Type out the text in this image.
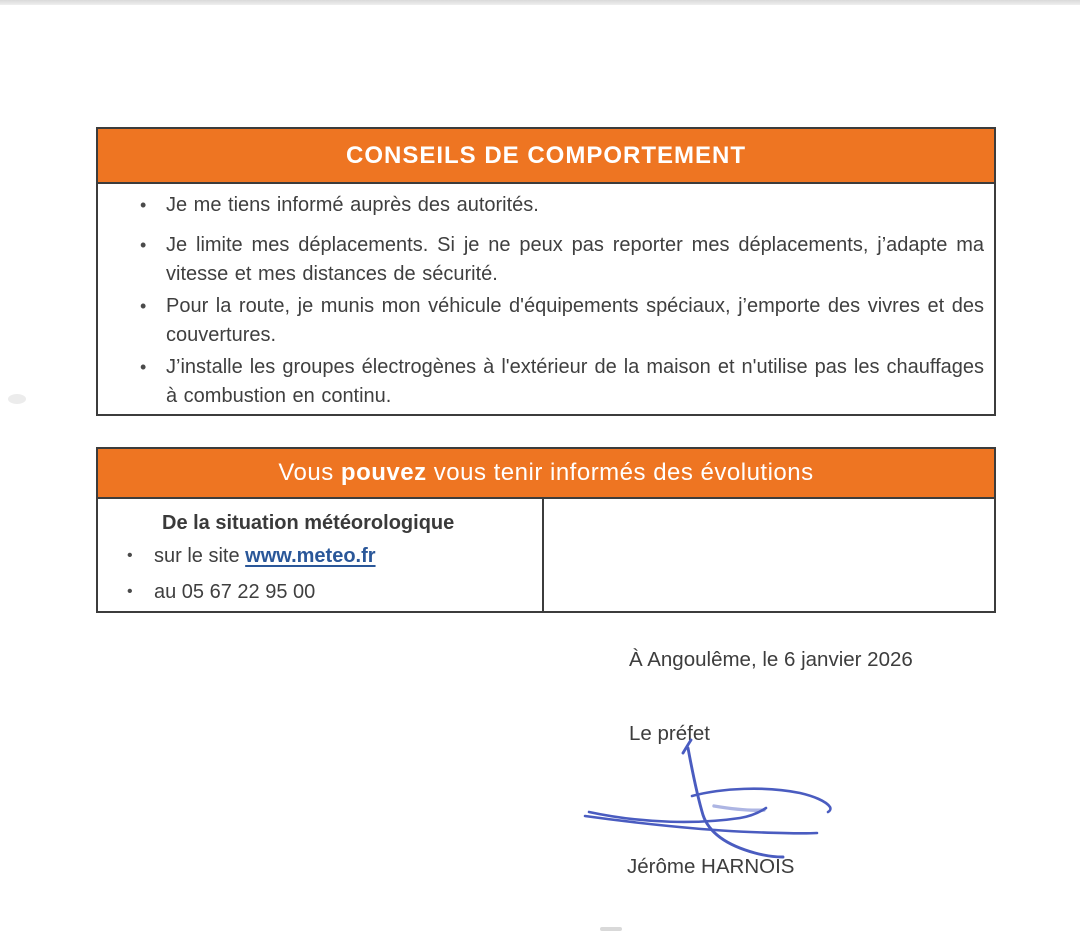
CONSEILS DE COMPORTEMENT
• Je me tiens informé auprès des autorités.
• Je limite mes déplacements. Si je ne peux pas reporter mes déplacements, j’adapte ma vitesse et mes distances de sécurité.
• Pour la route, je munis mon véhicule d'équipements spéciaux, j’emporte des vivres et des couvertures.
• J’installe les groupes électrogènes à l'extérieur de la maison et n'utilise pas les chauffages à combustion en continu.
Vous pouvez vous tenir informés des évolutions
De la situation météorologique
• sur le site www.meteo.fr
• au 05 67 22 95 00
À Angoulême, le 6 janvier 2026
Le préfet
Jérôme HARNOIS
